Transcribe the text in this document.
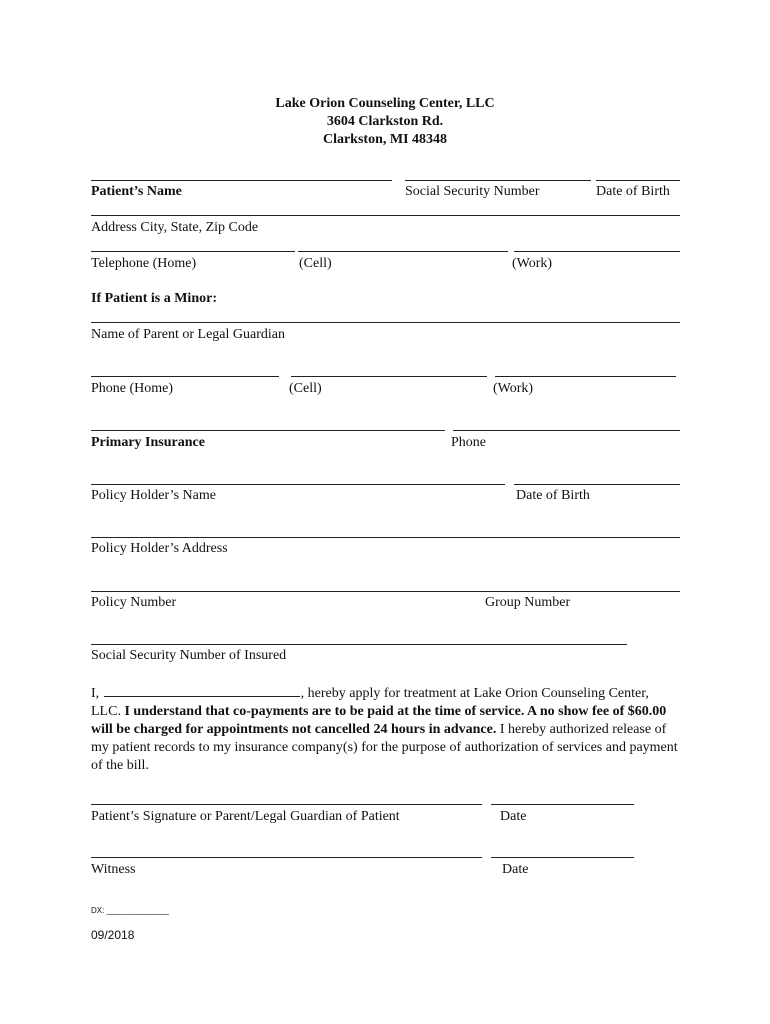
Lake Orion Counseling Center, LLC
3604 Clarkston Rd.
Clarkston, MI 48348
Patient’s Name	Social Security Number	Date of Birth
Address City, State, Zip Code
Telephone (Home)	(Cell)	(Work)
If Patient is a Minor:
Name of Parent or Legal Guardian
Phone (Home)	(Cell)	(Work)
Primary Insurance	Phone
Policy Holder’s Name	Date of Birth
Policy Holder’s Address
Policy Number	Group Number
Social Security Number of Insured
I,	, hereby apply for treatment at Lake Orion Counseling Center, LLC. I understand that co-payments are to be paid at the time of service. A no show fee of $60.00 will be charged for appointments not cancelled 24 hours in advance. I hereby authorized release of my patient records to my insurance company(s) for the purpose of authorization of services and payment of the bill.
Patient’s Signature or Parent/Legal Guardian of Patient	Date
Witness	Date
DX: ______________
09/2018
